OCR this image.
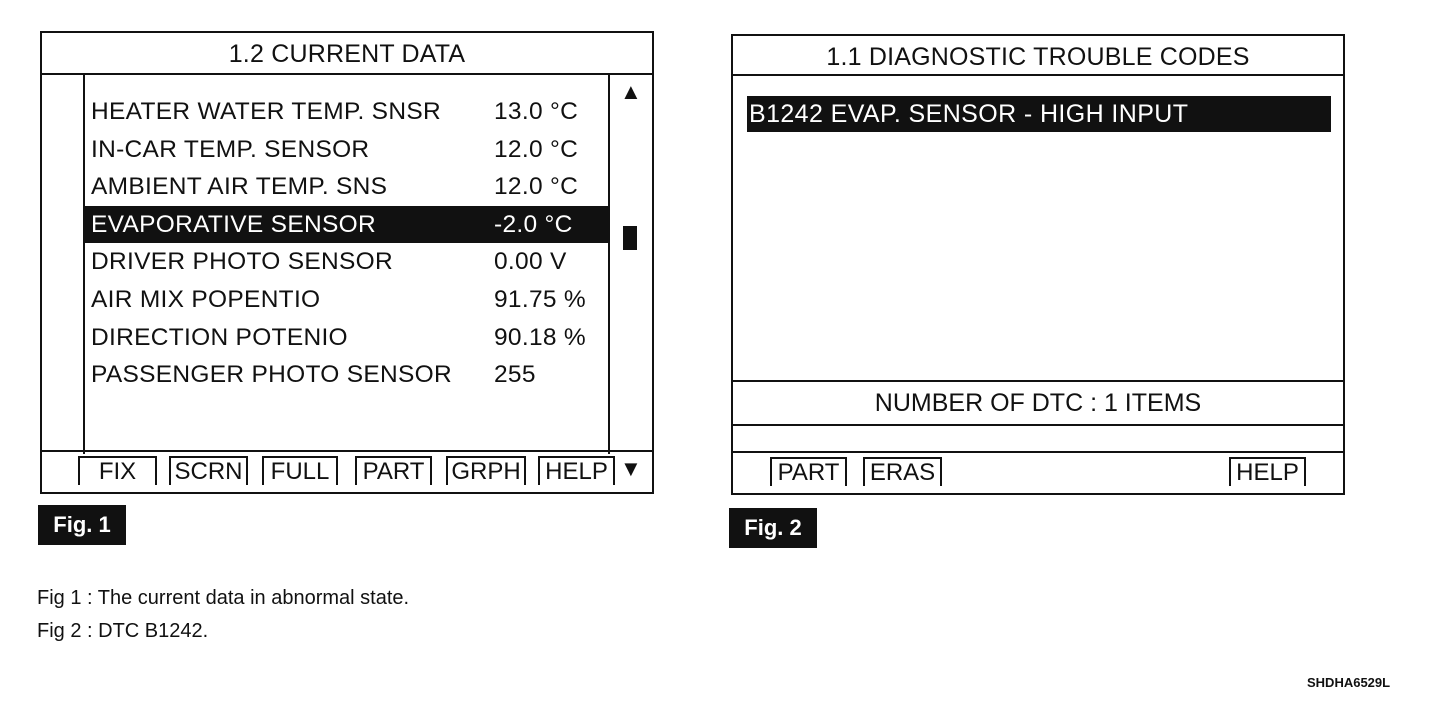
1.2 CURRENT DATA
HEATER WATER TEMP. SNSR 13.0 °C
IN-CAR TEMP. SENSOR	12.0 °C
AMBIENT AIR TEMP. SNS	12.0 °C
EVAPORATIVE SENSOR	-2.0 °C
DRIVER PHOTO SENSOR	0.00 V
AIR MIX POPENTIO	91.75 %
DIRECTION POTENIO	90.18 %
PASSENGER PHOTO SENSOR 255
▲
▼
FIX	SCRN	FULL	PART	GRPH HELP
Fig. 1
1.1 DIAGNOSTIC TROUBLE CODES
B1242 EVAP. SENSOR - HIGH INPUT
NUMBER OF DTC : 1 ITEMS
PART	ERAS	HELP
Fig. 2
Fig 1 : The current data in abnormal state.
Fig 2 : DTC B1242.
SHDHA6529L
